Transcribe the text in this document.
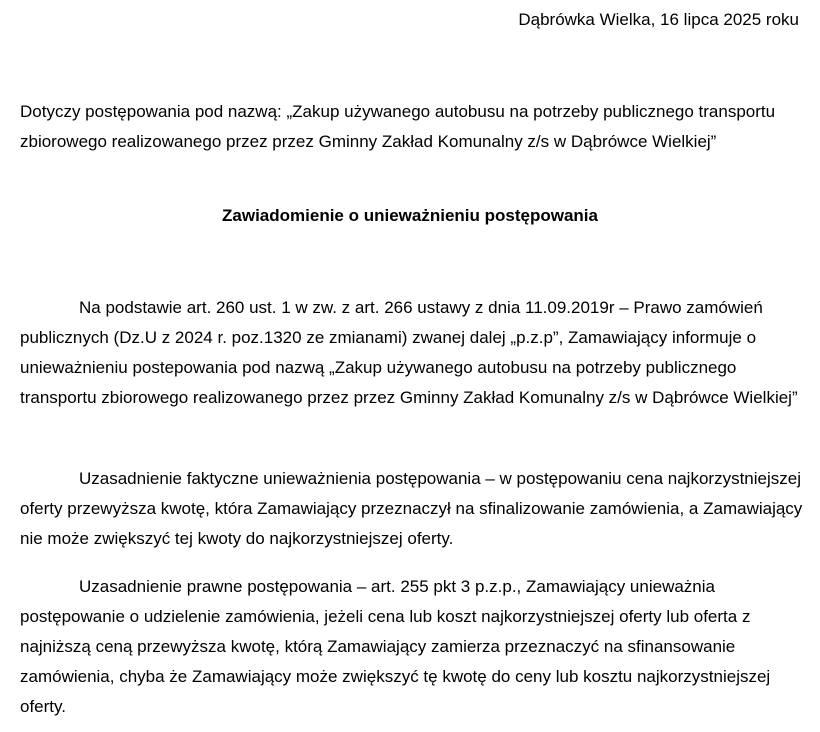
Dąbrówka Wielka, 16 lipca 2025 roku
Dotyczy postępowania pod nazwą: „Zakup używanego autobusu na potrzeby publicznego transportu zbiorowego realizowanego przez przez Gminny Zakład Komunalny z/s w Dąbrówce Wielkiej”
Zawiadomienie o unieważnieniu postępowania
Na podstawie art. 260 ust. 1 w zw. z art. 266 ustawy z dnia 11.09.2019r – Prawo zamówień publicznych (Dz.U z 2024 r. poz.1320 ze zmianami) zwanej dalej „p.z.p”, Zamawiający informuje o unieważnieniu postepowania pod nazwą „Zakup używanego autobusu na potrzeby publicznego transportu zbiorowego realizowanego przez przez Gminny Zakład Komunalny z/s w Dąbrówce Wielkiej”
Uzasadnienie faktyczne unieważnienia postępowania – w postępowaniu cena najkorzystniejszej oferty przewyższa kwotę, która Zamawiający przeznaczył na sfinalizowanie zamówienia, a Zamawiający nie może zwiększyć tej kwoty do najkorzystniejszej oferty.
Uzasadnienie prawne postępowania – art. 255 pkt 3 p.z.p., Zamawiający unieważnia postępowanie o udzielenie zamówienia, jeżeli cena lub koszt najkorzystniejszej oferty lub oferta z najniższą ceną przewyższa kwotę, którą Zamawiający zamierza przeznaczyć na sfinansowanie zamówienia, chyba że Zamawiający może zwiększyć tę kwotę do ceny lub kosztu najkorzystniejszej oferty.
